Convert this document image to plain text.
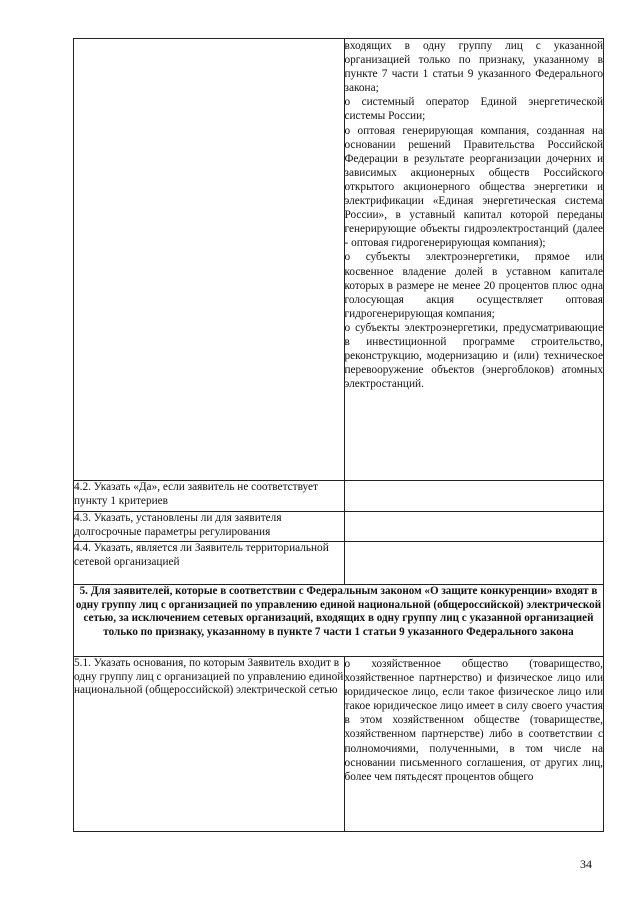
	входящих в одну группу лиц с указанной организацией только по признаку, указанному в пункте 7 части 1 статьи 9 указанного Федерального закона;

o системный оператор Единой энергетической системы России;

o оптовая генерирующая компания, созданная на основании решений Правительства Российской Федерации в результате реорганизации дочерних и зависимых акционерных обществ Российского открытого акционерного общества энергетики и электрификации «Единая энергетическая система России», в уставный капитал которой переданы генерирующие объекты гидроэлектростанций (далее - оптовая гидрогенерирующая компания);

o субъекты электроэнергетики, прямое или косвенное владение долей в уставном капитале которых в размере не менее 20 процентов плюс одна голосующая акция осуществляет оптовая гидрогенерирующая компания;

o субъекты электроэнергетики, предусматривающие в инвестиционной программе строительство, реконструкцию, модернизацию и (или) техническое перевооружение объектов (энергоблоков) атомных электростанций.

4.2. Указать «Да», если заявитель не соответствует пункту 1 критериев	

4.3. Указать, установлены ли для заявителя долгосрочные параметры регулирования	

4.4. Указать, является ли Заявитель территориальной сетевой организацией	

5. Для заявителей, которые в соответствии с Федеральным законом «О защите конкуренции» входят в одну группу лиц с организацией по управлению единой национальной (общероссийской) электрической сетью, за исключением сетевых организаций, входящих в одну группу лиц с указанной организацией только по признаку, указанному в пункте 7 части 1 статьи 9 указанного Федерального закона	

5.1. Указать основания, по которым Заявитель входит в одну группу лиц с организацией по управлению единой национальной (общероссийской) электрической сетью	o хозяйственное общество (товарищество, хозяйственное партнерство) и физическое лицо или юридическое лицо, если такое физическое лицо или такое юридическое лицо имеет в силу своего участия в этом хозяйственном обществе (товариществе, хозяйственном партнерстве) либо в соответствии с полномочиями, полученными, в том числе на основании письменного соглашения, от других лиц, более чем пятьдесят процентов общего

34
